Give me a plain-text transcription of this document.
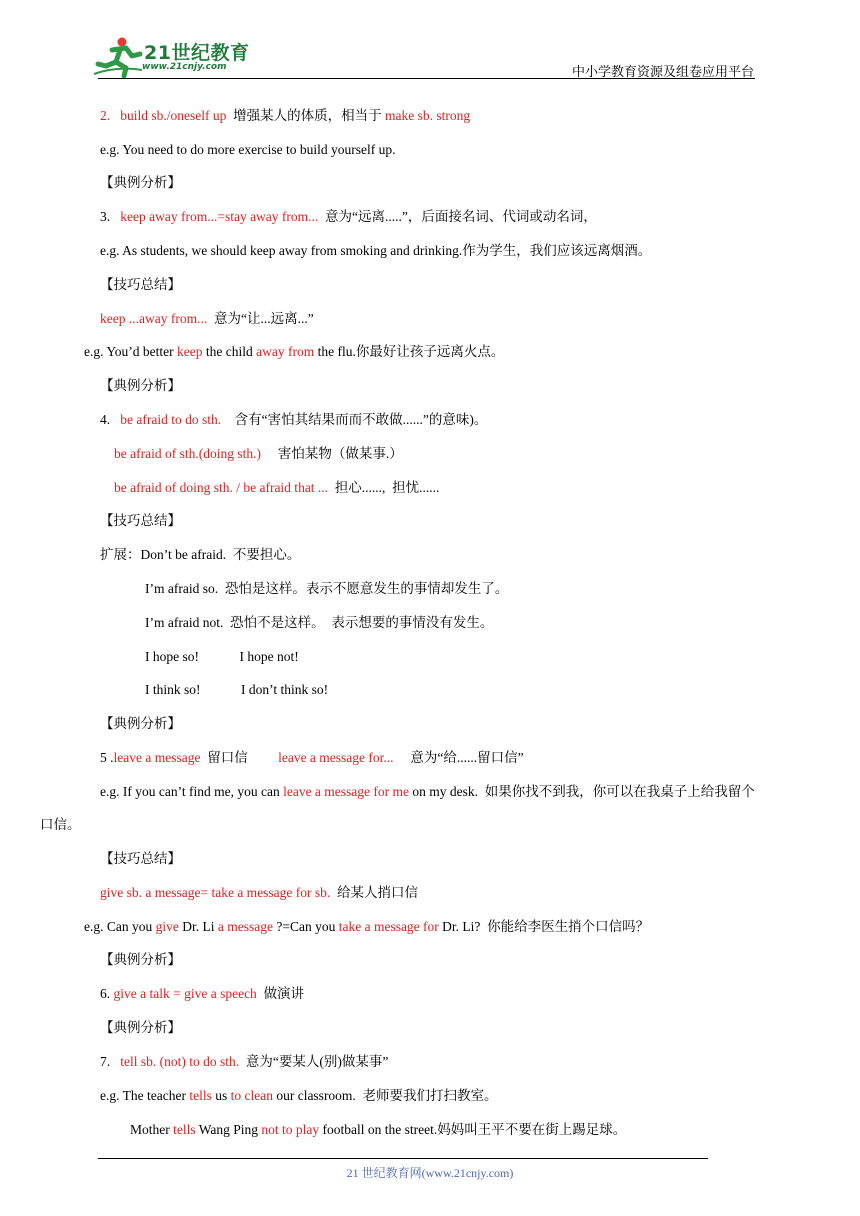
21世纪教育
www.21cnjy.com	中小学教育资源及组卷应用平台
2.   build sb./oneself up  增强某人的体质，相当于 make sb. strong
e.g. You need to do more exercise to build yourself up.
【典例分析】
3.   keep away from...=stay away from...  意为“远离.....”，后面接名词、代词或动名词，
e.g. As students, we should keep away from smoking and drinking.作为学生，我们应该远离烟酒。
【技巧总结】
keep ...away from...  意为“让...远离...”
e.g. You’d better keep the child away from the flu.你最好让孩子远离火点。
【典例分析】
4.   be afraid to do sth.    含有“害怕其结果而而不敢做......”的意味)。
be afraid of sth.(doing sth.)     害怕某物（做某事.）
be afraid of doing sth. / be afraid that ...  担心......,  担忧......
【技巧总结】
扩展：Don’t be afraid.  不要担心。
I’m afraid so.  恐怕是这样。表示不愿意发生的事情却发生了。
I’m afraid not.  恐怕不是这样。  表示想要的事情没有发生。
I hope so!            I hope not!
I think so!            I don’t think so!
【典例分析】
5 .leave a message  留口信         leave a message for...     意为“给......留口信”
e.g. If you can’t find me, you can leave a message for me on my desk.  如果你找不到我，你可以在我桌子上给我留个
口信。
【技巧总结】
give sb. a message= take a message for sb.  给某人捎口信
e.g. Can you give Dr. Li a message ?=Can you take a message for Dr. Li?  你能给李医生捎个口信吗？
【典例分析】
6. give a talk = give a speech  做演讲
【典例分析】
7.   tell sb. (not) to do sth.  意为“要某人(别)做某事”
e.g. The teacher tells us to clean our classroom.  老师要我们打扫教室。
Mother tells Wang Ping not to play football on the street.妈妈叫王平不要在街上踢足球。
21 世纪教育网(www.21cnjy.com)
